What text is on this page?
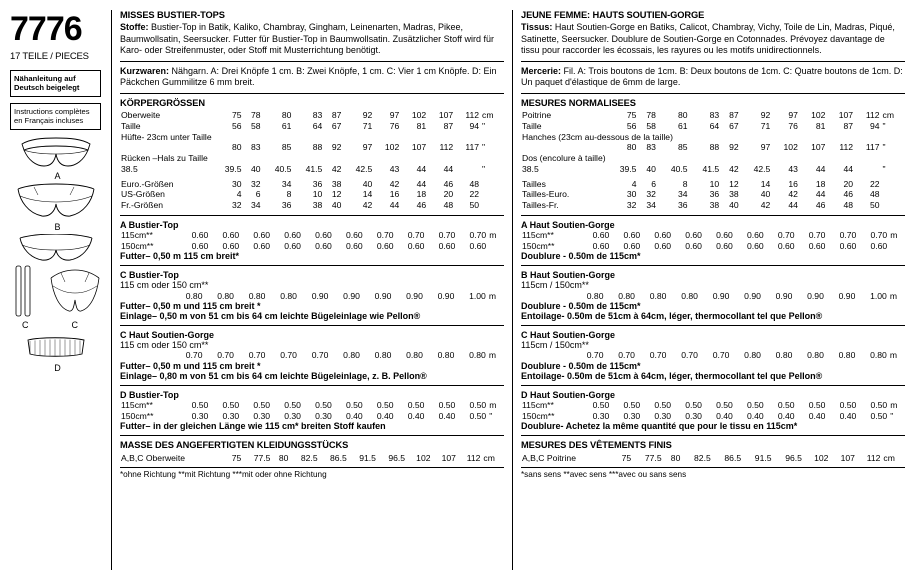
7776
17 TEILE / PIECES
Nähanleitung auf Deutsch beigelegt
Instructions complètes en Français incluses
A
B
C	C
D
MISSES BUSTIER-TOPS
Stoffe: Bustier-Top in Batik, Kaliko, Chambray, Gingham, Leinenarten, Madras, Pikee, Baumwollsatin, Seersucker. Futter für Bustier-Top in Baumwollsatin. Zusätzlicher Stoff wird für Karo- oder Streifenmuster, oder Stoff mit Musterrichtung benötigt.
Kurzwaren: Nähgarn. A: Drei Knöpfe 1 cm. B: Zwei Knöpfe, 1 cm. C: Vier 1 cm Knöpfe. D: Ein Päckchen Gummilitze 6 mm breit.
KÖRPERGRÖSSEN
Oberweite	75	78	80	83	87	92	97	102	107	112	cm
Taille	56	58	61	64	67	71	76	81	87	94	"
Hüfte- 23cm unter Taille											
	80	83	85	88	92	97	102	107	112	117	"
Rücken –Hals zu Taille											
38.5	39.5	40	40.5	41.5	42	42.5	43	44	44		"

Euro.-Größen	30	32	34	36	38	40	42	44	46	48	
US-Größen	4	6	8	10	12	14	16	18	20	22	
Fr.-Größen	32	34	36	38	40	42	44	46	48	50	
A Bustier-Top
115cm**	0.60	0.60	0.60	0.60	0.60	0.60	0.70	0.70	0.70	0.70	m
150cm**	0.60	0.60	0.60	0.60	0.60	0.60	0.60	0.60	0.60	0.60	
Futter– 0,50 m 115 cm breit*
C Bustier-Top
115 cm oder 150 cm**
	0.80	0.80	0.80	0.80	0.90	0.90	0.90	0.90	0.90	1.00	m
Futter– 0,50 m und 115 cm breit *
Einlage– 0,50 m von 51 cm bis 64 cm leichte Bügeleinlage wie Pellon®
C Haut Soutien-Gorge
115 cm oder 150 cm**
	0.70	0.70	0.70	0.70	0.70	0.80	0.80	0.80	0.80	0.80	m
Futter– 0,50 m und 115 cm breit *
Einlage– 0,80 m von 51 cm bis 64 cm leichte Bügeleinlage, z. B. Pellon®
D Bustier-Top
115cm**	0.50	0.50	0.50	0.50	0.50	0.50	0.50	0.50	0.50	0.50	m
150cm**	0.30	0.30	0.30	0.30	0.30	0.40	0.40	0.40	0.40	0.50	"
Futter– in der gleichen Länge wie 115 cm* breiten Stoff kaufen
MASSE DES ANGEFERTIGTEN KLEIDUNGSSTÜCKS
A,B,C Oberweite	75	77.5	80	82.5	86.5	91.5	96.5	102	107	112	cm
*ohne Richtung **mit Richtung ***mit oder ohne Richtung
JEUNE FEMME: HAUTS SOUTIEN-GORGE
Tissus: Haut Soutien-Gorge en Batiks, Calicot, Chambray, Vichy, Toile de Lin, Madras, Piqué, Satinette, Seersucker. Doublure de Soutien-Gorge en Cotonnades. Prévoyez davantage de tissu pour raccorder les écossais, les rayures ou les motifs unidirectionnels.
Mercerie: Fil. A: Trois boutons de 1cm. B: Deux boutons de 1cm. C: Quatre boutons de 1cm. D: Un paquet d'élastique de 6mm de large.
MESURES NORMALISEES
Poitrine	75	78	80	83	87	92	97	102	107	112	cm
Taille	56	58	61	64	67	71	76	81	87	94	"
Hanches (23cm au-dessous de la taille)											
	80	83	85	88	92	97	102	107	112	117	"
Dos (encolure à taille)											
38.5	39.5	40	40.5	41.5	42	42.5	43	44	44		"

Tailles	4	6	8	10	12	14	16	18	20	22	
Tailles-Euro.	30	32	34	36	38	40	42	44	46	48	
Tailles-Fr.	32	34	36	38	40	42	44	46	48	50	
A Haut Soutien-Gorge
115cm**	0.60	0.60	0.60	0.60	0.60	0.60	0.70	0.70	0.70	0.70	m
150cm**	0.60	0.60	0.60	0.60	0.60	0.60	0.60	0.60	0.60	0.60	
Doublure - 0.50m de 115cm*
B Haut Soutien-Gorge
115cm / 150cm**
	0.80	0.80	0.80	0.80	0.90	0.90	0.90	0.90	0.90	1.00	m
Doublure - 0.50m de 115cm*
Entoilage- 0.50m de 51cm à 64cm, léger, thermocollant tel que Pellon®
C Haut Soutien-Gorge
115cm / 150cm**
	0.70	0.70	0.70	0.70	0.70	0.80	0.80	0.80	0.80	0.80	m
Doublure - 0.50m de 115cm*
Entoilage- 0.50m de 51cm à 64cm, léger, thermocollant tel que Pellon®
D Haut Soutien-Gorge
115cm**	0.50	0.50	0.50	0.50	0.50	0.50	0.50	0.50	0.50	0.50	m
150cm**	0.30	0.30	0.30	0.30	0.40	0.40	0.40	0.40	0.40	0.50	"
Doublure- Achetez la même quantité que pour le tissu en 115cm*
MESURES DES VÊTEMENTS FINIS
A,B,C Poitrine	75	77.5	80	82.5	86.5	91.5	96.5	102	107	112	cm
*sans sens **avec sens ***avec ou sans sens
